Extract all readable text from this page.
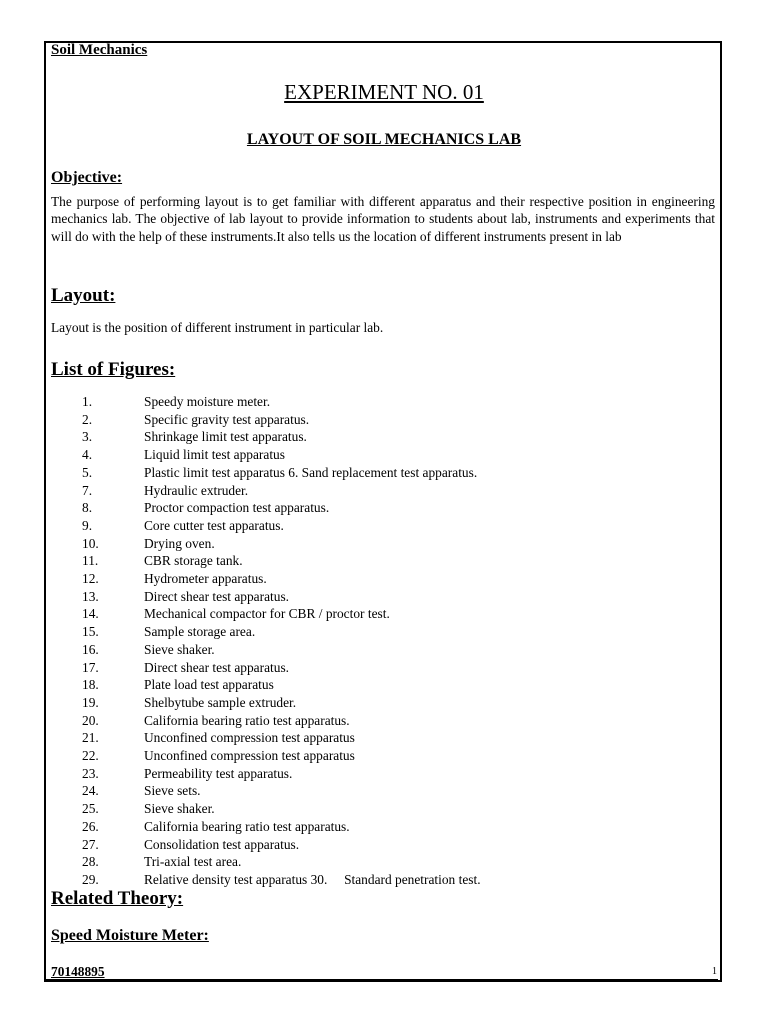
Soil Mechanics
EXPERIMENT NO. 01
LAYOUT OF SOIL MECHANICS LAB
Objective:
The purpose of performing layout is to get familiar with different apparatus and their respective position in engineering mechanics lab. The objective of lab layout to provide information to students about lab, instruments and experiments that will do with the help of these instruments.It also tells us the location of different instruments present in lab
Layout:
Layout is the position of different instrument in particular lab.
List of Figures:
1.	Speedy moisture meter.
2.	Specific gravity test apparatus.
3.	Shrinkage limit test apparatus.
4.	Liquid limit test apparatus
5.	Plastic limit test apparatus 6. Sand replacement test apparatus.
7.	Hydraulic extruder.
8.	Proctor compaction test apparatus.
9.	Core cutter test apparatus.
10.	Drying oven.
11.	CBR storage tank.
12.	Hydrometer apparatus.
13.	Direct shear test apparatus.
14.	Mechanical compactor for CBR / proctor test.
15.	Sample storage area.
16.	Sieve shaker.
17.	Direct shear test apparatus.
18.	Plate load test apparatus
19.	Shelbytube sample extruder.
20.	California bearing ratio test apparatus.
21.	Unconfined compression test apparatus
22.	Unconfined compression test apparatus
23.	Permeability test apparatus.
24.	Sieve sets.
25.	Sieve shaker.
26.	California bearing ratio test apparatus.
27.	Consolidation test apparatus.
28.	Tri-axial test area.
29.	Relative density test apparatus 30.     Standard penetration test.
Related Theory:
Speed Moisture Meter:
70148895	1
